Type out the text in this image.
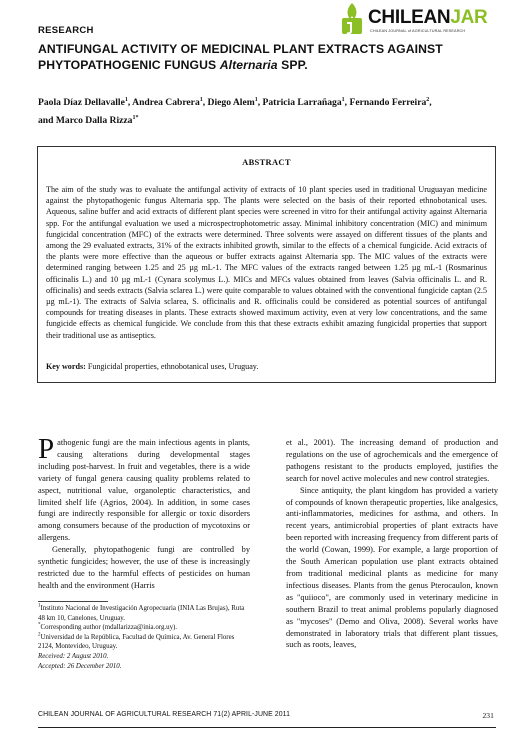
RESEARCH
CHILEANJAR
CHILEAN JOURNAL of AGRICULTURAL RESEARCH
ANTIFUNGAL ACTIVITY OF MEDICINAL PLANT EXTRACTS AGAINST PHYTOPATHOGENIC FUNGUS Alternaria SPP.
Paola Díaz Dellavalle$^1$, Andrea Cabrera$^1$, Diego Alem$^1$, Patricia Larrañaga$^1$, Fernando Ferreira$^2$,
and Marco Dalla Rizza$^{1*}$
ABSTRACT
The aim of the study was to evaluate the antifungal activity of extracts of 10 plant species used in traditional Uruguayan medicine against the phytopathogenic fungus Alternaria spp. The plants were selected on the basis of their reported ethnobotanical uses. Aqueous, saline buffer and acid extracts of different plant species were screened in vitro for their antifungal activity against Alternaria spp. For the antifungal evaluation we used a microspectrophotometric assay. Minimal inhibitory concentration (MIC) and minimum fungicidal concentration (MFC) of the extracts were determined. Three solvents were assayed on different tissues of the plants and among the 29 evaluated extracts, 31% of the extracts inhibited growth, similar to the effects of a chemical fungicide. Acid extracts of the plants were more effective than the aqueous or buffer extracts against Alternaria spp. The MIC values of the extracts were determined ranging between 1.25 and 25 µg mL-1. The MFC values of the extracts ranged between 1.25 µg mL-1 (Rosmarinus officinalis L.) and 10 µg mL-1 (Cynara scolymus L.). MICs and MFCs values obtained from leaves (Salvia officinalis L. and R. officinalis) and seeds extracts (Salvia sclarea L.) were quite comparable to values obtained with the conventional fungicide captan (2.5 µg mL-1). The extracts of Salvia sclarea, S. officinalis and R. officinalis could be considered as potential sources of antifungal compounds for treating diseases in plants. These extracts showed maximum activity, even at very low concentrations, and the same fungicide effects as chemical fungicide. We conclude from this that these extracts exhibit amazing fungicidal properties that support their traditional use as antiseptics.
Key words: Fungicidal properties, ethnobotanical uses, Uruguay.

Pathogenic fungi are the main infectious agents in plants, causing alterations during developmental stages including post-harvest. In fruit and vegetables, there is a wide variety of fungal genera causing quality problems related to aspect, nutritional value, organoleptic characteristics, and limited shelf life (Agrios, 2004). In addition, in some cases fungi are indirectly responsible for allergic or toxic disorders among consumers because of the production of mycotoxins or allergens.

Generally, phytopathogenic fungi are controlled by synthetic fungicides; however, the use of these is increasingly restricted due to the harmful effects of pesticides on human health and the environment (Harris

et al., 2001). The increasing demand of production and regulations on the use of agrochemicals and the emergence of pathogens resistant to the products employed, justifies the search for novel active molecules and new control strategies.

Since antiquity, the plant kingdom has provided a variety of compounds of known therapeutic properties, like analgesics, anti-inflammatories, medicines for asthma, and others. In recent years, antimicrobial properties of plant extracts have been reported with increasing frequency from different parts of the world (Cowan, 1999). For example, a large proportion of the South American population use plant extracts obtained from traditional medicinal plants as medicine for many infectious diseases. Plants from the genus Pterocaulon, known as "quiioco", are commonly used in veterinary medicine in southern Brazil to treat animal problems popularly diagnosed as "mycoses" (Demo and Oliva, 2008). Several works have demonstrated in laboratory trials that different plant tissues, such as roots, leaves,

$^1$Instituto Nacional de Investigación Agropecuaria (INIA Las Brujas), Ruta 48 km 10, Canelones, Uruguay.
*Corresponding author (mdallarizza@inia.org.uy).
$^2$Universidad de la República, Facultad de Química, Av. General Flores 2124, Montevideo, Uruguay.
Received: 2 August 2010.
Accepted: 26 December 2010.
CHILEAN JOURNAL OF AGRICULTURAL RESEARCH 71(2) APRIL-JUNE 2011	231
